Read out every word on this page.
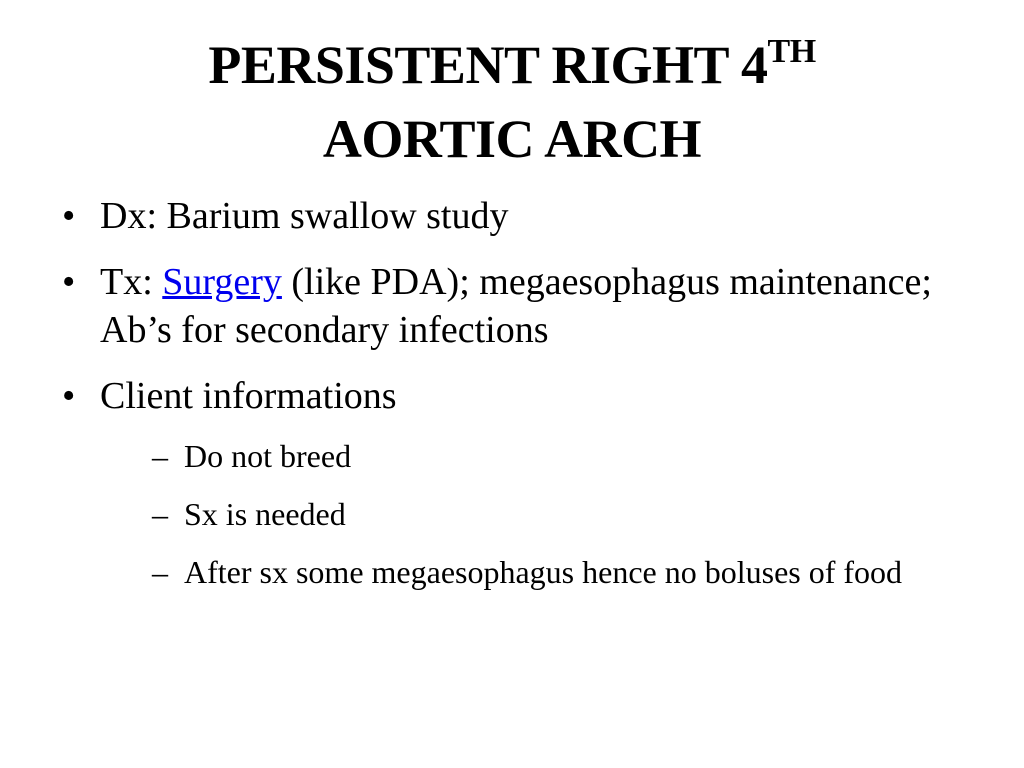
PERSISTENT RIGHT 4TH
AORTIC ARCH
• Dx: Barium swallow study
• Tx: Surgery (like PDA); megaesophagus maintenance; Ab’s for secondary infections
• Client informations
– Do not breed
– Sx is needed
– After sx some megaesophagus hence no boluses of food
